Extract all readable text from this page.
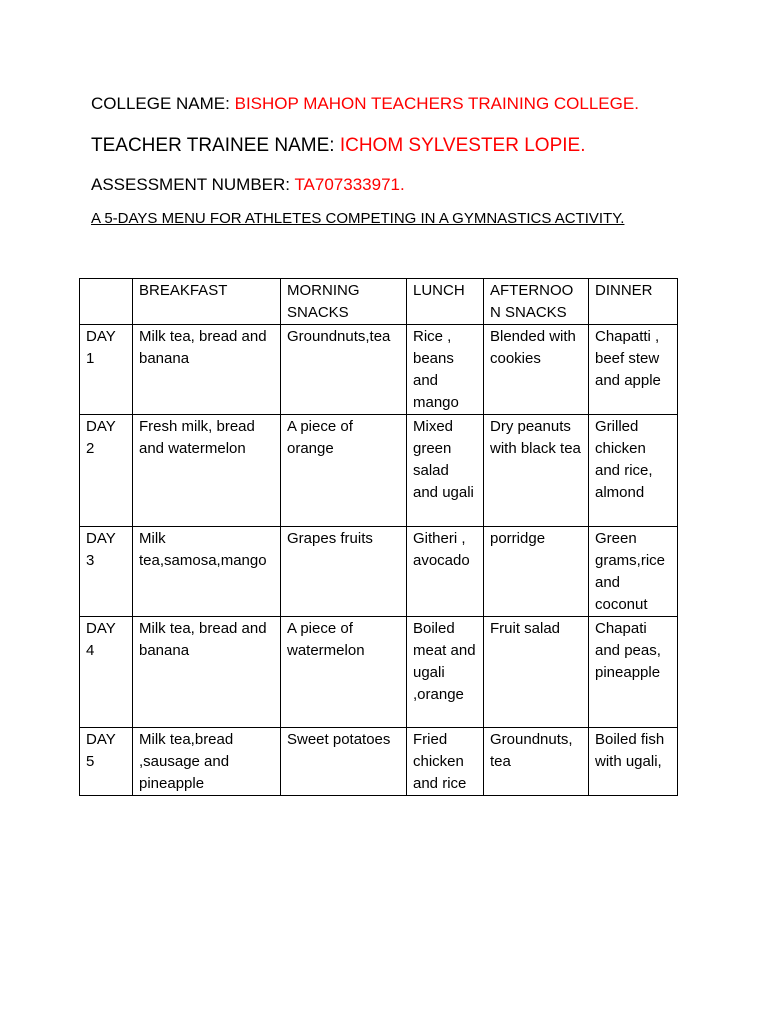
COLLEGE NAME: BISHOP MAHON TEACHERS TRAINING COLLEGE.
TEACHER TRAINEE NAME: ICHOM SYLVESTER LOPIE.
ASSESSMENT NUMBER: TA707333971.
A 5-DAYS MENU FOR ATHLETES COMPETING IN A GYMNASTICS ACTIVITY.
	BREAKFAST	MORNING SNACKS	LUNCH	AFTERNOON SNACKS	DINNER
DAY 1	Milk tea, bread and banana	Groundnuts,tea	Rice , beans and mango	Blended with cookies	Chapatti , beef stew and apple
DAY 2	Fresh milk, bread and watermelon	A piece of orange	Mixed green salad and ugali	Dry peanuts with black tea	Grilled chicken and rice, almond
DAY 3	Milk tea,samosa,mango	Grapes fruits	Githeri , avocado	porridge	Green grams,rice and coconut
DAY 4	Milk tea, bread and banana	A piece of watermelon	Boiled meat and ugali ,orange	Fruit salad	Chapati and peas, pineapple
DAY 5	Milk tea,bread ,sausage and pineapple	Sweet potatoes	Fried chicken and rice	Groundnuts, tea	Boiled fish with ugali,
